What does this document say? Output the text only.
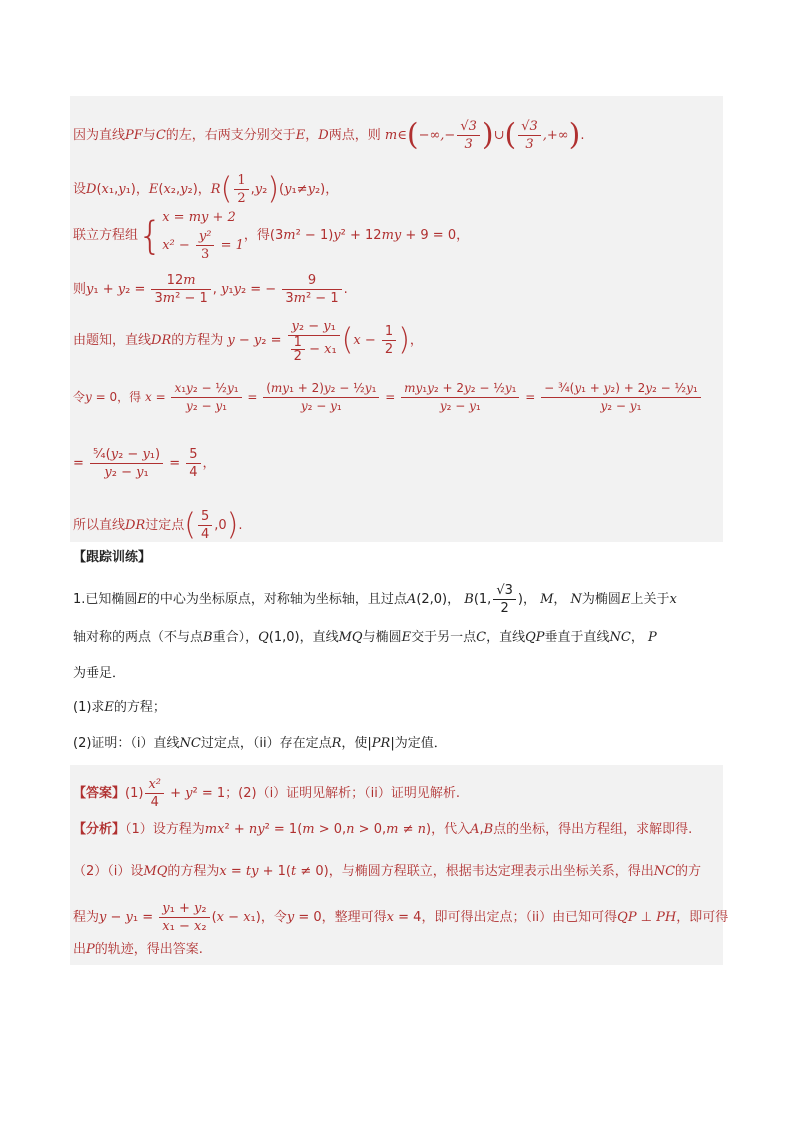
因为直线PF与C的左，右两支分别交于E，D两点，则 m∈(−∞,− $\frac{√3}{3}$ )∪( $\frac{√3}{3}$ ,+∞).
设D(x₁,y₁)，E(x₂,y₂)，$R( \frac{1}{2} ,y_2)(y_1\ne y_2)$，
联立方程组{ x = my + 2
$x^2 - \frac{\text{y²}}{3} = 1$
，得(3m² − 1)y² + 12my + 9 = 0，
则$y_1 + y_2 = \frac{12m}{\text{3m² − 1}}$ , y₁y₂ = − $\frac{9}{\text{3m² − 1}}$ .
由题知，直线DR的方程为 $y - y_2 = \frac{\text{y₂ − y₁}}{\frac{1}{2} - x_1} (x - \frac{1}{2}$ )，
令y = 0，得 $x = \frac{\text{x₁y₂ − ½y₁}}{\text{y₂ − y₁}} = \frac{\text{(my₁ + 2)y₂ − ½y₁}}{\text{y₂ − y₁}} = \frac{\text{my₁y₂ + 2y₂ − ½y₁}}{\text{y₂ − y₁}} = \frac{\text{− ¾(y₁ + y₂) + 2y₂ − ½y₁}}{\text{y₂ − y₁}}$
= $\frac{\text{⁵⁄₄(y₂ − y₁)}}{\text{y₂ − y₁}} = \frac{5}{4}$ ，
所以直线DR过定点( $\frac{5}{4} ,0$).
【跟踪训练】
1.已知椭圆E的中心为坐标原点，对称轴为坐标轴，且过点A(2,0)， B(1, $\frac{√3}{2}$ )， M， N为椭圆E上关于x
轴对称的两点（不与点B重合），Q(1,0)，直线MQ与椭圆E交于另一点C，直线QP垂直于直线NC， P
为垂足．
(1)求E的方程；
(2)证明：（i）直线NC过定点，（ii）存在定点R，使|PR|为定值．
【答案】$(1) \frac{\text{x²}}{4} + y^2 = 1$；(2)（i）证明见解析；（ii）证明见解析.
【分析】（1）设方程为mx² + ny² = 1(m > 0,n > 0,m ≠ n)，代入A,B点的坐标，得出方程组，求解即得.
（2）（i）设MQ的方程为x = ty + 1(t ≠ 0)，与椭圆方程联立，根据韦达定理表示出坐标关系，得出NC的方
程为$y - y_1 = \frac{\text{y₁ + y₂}}{\text{x₁ − x₂}} (x - x_1)$，令y = 0，整理可得x = 4，即可得出定点；（ii）由已知可得QP ⊥ PH，即可得
出P的轨迹，得出答案.
